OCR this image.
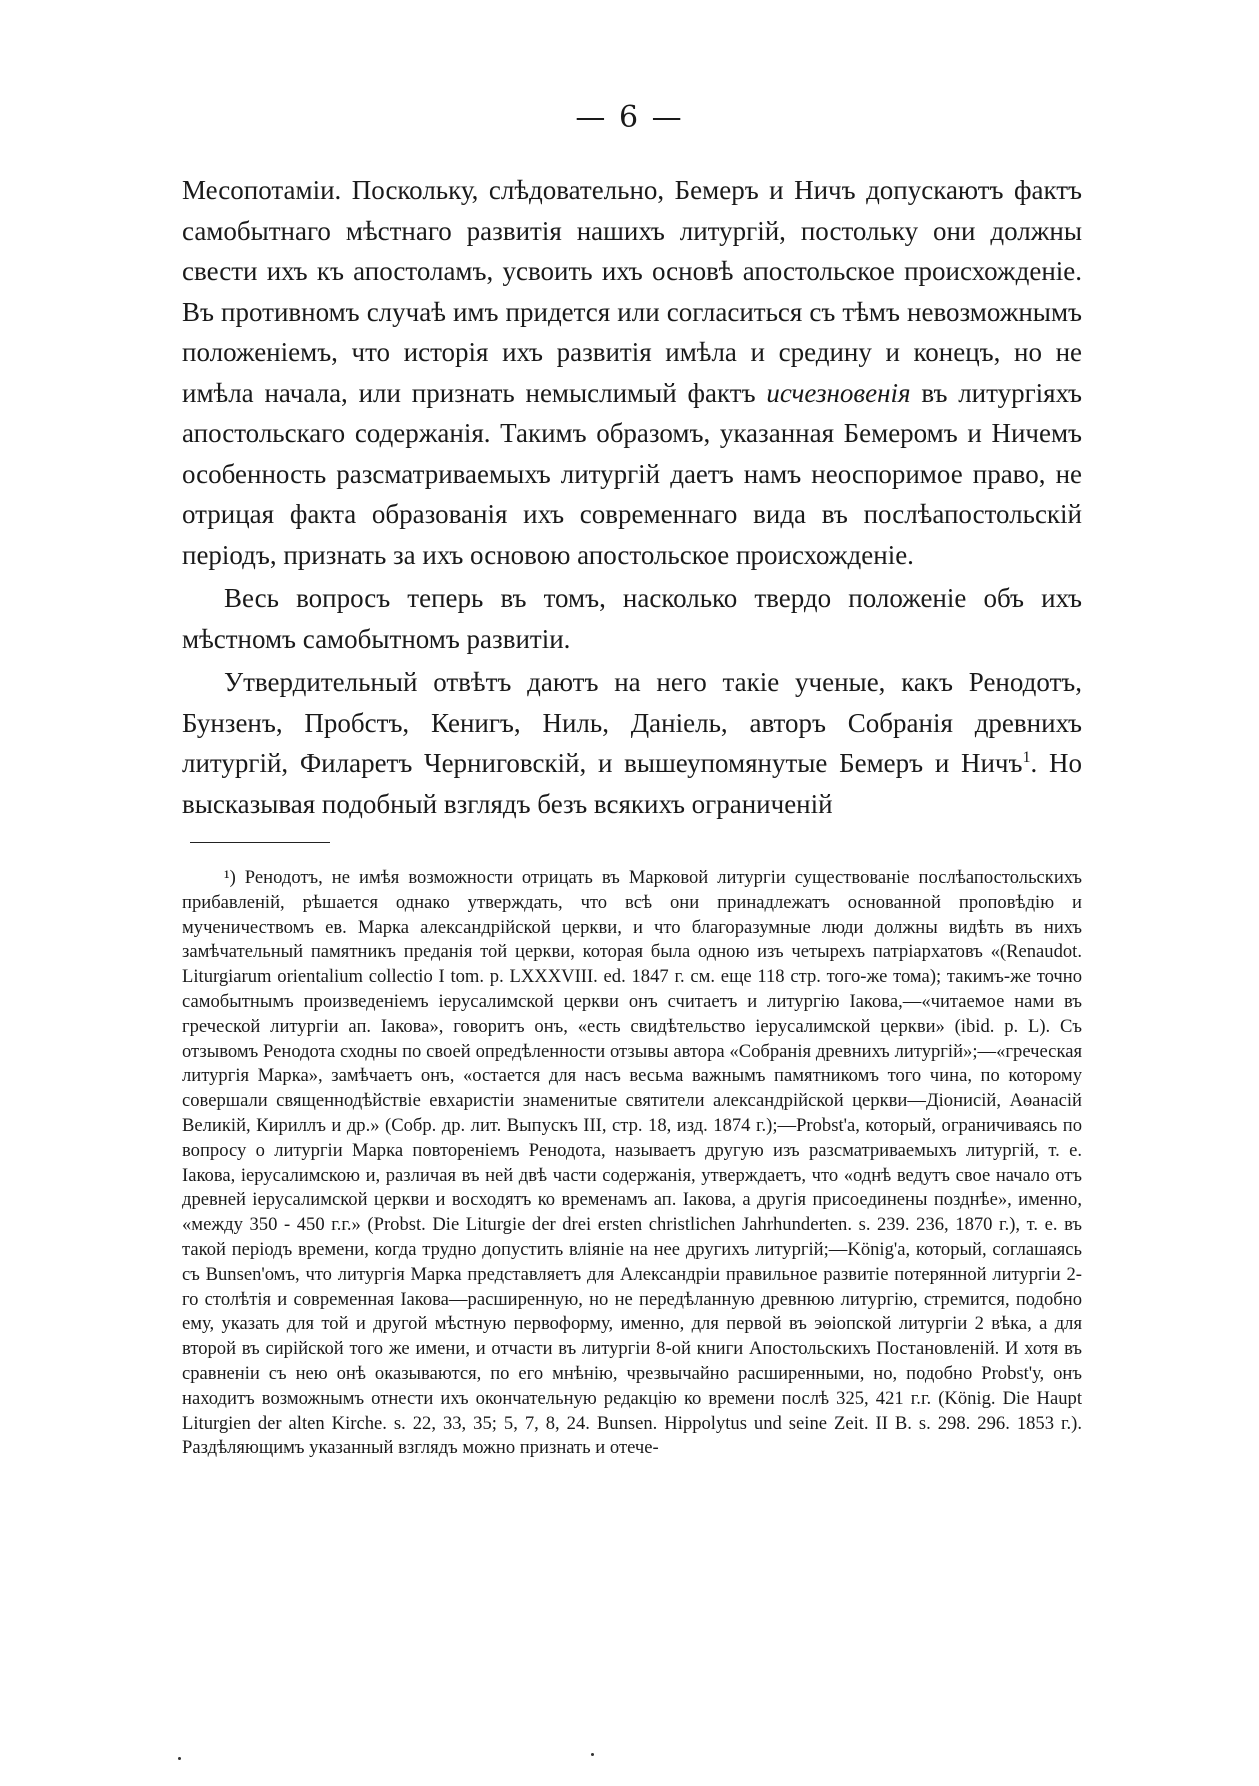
— 6 —

Месопотаміи. Поскольку, слѣдовательно, Бемеръ и Ничъ допускаютъ фактъ самобытнаго мѣстнаго развитія нашихъ литургій, постольку они должны свести ихъ къ апостоламъ, усвоить ихъ основѣ апостольское происхожденіе. Въ противномъ случаѣ имъ придется или согласиться съ тѣмъ невозможнымъ положеніемъ, что исторія ихъ развитія имѣла и средину и конецъ, но не имѣла начала, или признать немыслимый фактъ исчезновенія въ литургіяхъ апостольскаго содержанія. Такимъ образомъ, указанная Бемеромъ и Ничемъ особенность разсматриваемыхъ литургій даетъ намъ неоспоримое право, не отрицая факта образованія ихъ современнаго вида въ послѣапостольскій періодъ, признать за ихъ основою апостольское происхожденіе.

Весь вопросъ теперь въ томъ, насколько твердо положеніе объ ихъ мѣстномъ самобытномъ развитіи.

Утвердительный отвѣтъ даютъ на него такіе ученые, какъ Ренодотъ, Бунзенъ, Пробстъ, Кенигъ, Ниль, Даніель, авторъ Собранія древнихъ литургій, Филаретъ Черниговскій, и вышеупомянутые Бемеръ и Ничъ$^1$. Но высказывая подобный взглядъ безъ всякихъ ограниченій

¹) Ренодотъ, не имѣя возможности отрицать въ Марковой литургіи существованіе послѣапостольскихъ прибавленій, рѣшается однако утверждать, что всѣ они принадлежатъ основанной проповѣдію и мученичествомъ ев. Марка александрійской церкви, и что благоразумные люди должны видѣть въ нихъ замѣчательный памятникъ преданія той церкви, которая была одною изъ четырехъ патріархатовъ «(Renaudot. Liturgiarum orientalium collectio I tom. p. LXXXVIII. ed. 1847 г. см. еще 118 стр. того-же тома); такимъ-же точно самобытнымъ произведеніемъ іерусалимской церкви онъ считаетъ и литургію Іакова,—«читаемое нами въ греческой литургіи ап. Іакова», говоритъ онъ, «есть свидѣтельство іерусалимской церкви» (ibid. p. L). Съ отзывомъ Ренодота сходны по своей опредѣленности отзывы автора «Собранія древнихъ литургій»;—«греческая литургія Марка», замѣчаетъ онъ, «остается для насъ весьма важнымъ памятникомъ того чина, по которому совершали священнодѣйствіе евхаристіи знаменитые святители александрійской церкви—Діонисій, Аѳанасій Великій, Кириллъ и др.» (Собр. др. лит. Выпускъ III, стр. 18, изд. 1874 г.);—Probst'a, который, ограничиваясь по вопросу о литургіи Марка повтореніемъ Ренодота, называетъ другую изъ разсматриваемыхъ литургій, т. е. Іакова, іерусалимскою и, различая въ ней двѣ части содержанія, утверждаетъ, что «однѣ ведутъ свое начало отъ древней іерусалимской церкви и восходятъ ко временамъ ап. Іакова, а другія присоединены позднѣе», именно, «между 350 - 450 г.г.» (Probst. Die Liturgie der drei ersten christlichen Jahrhunderten. s. 239. 236, 1870 г.), т. е. въ такой періодъ времени, когда трудно допустить вліяніе на нее другихъ литургій;—König'a, который, соглашаясь съ Bunsen'омъ, что литургія Марка представляетъ для Александріи правильное развитіе потерянной литургіи 2-го столѣтія и современная Іакова—расширенную, но не передѣланную древнюю литургію, стремится, подобно ему, указать для той и другой мѣстную первоформу, именно, для первой въ эѳіопской литургіи 2 вѣка, а для второй въ сирійской того же имени, и отчасти въ литургіи 8-ой книги Апостольскихъ Постановленій. И хотя въ сравненіи съ нею онѣ оказываются, по его мнѣнію, чрезвычайно расширенными, но, подобно Probst'у, онъ находитъ возможнымъ отнести ихъ окончательную редакцію ко времени послѣ 325, 421 г.г. (König. Die Haupt Liturgien der alten Kirche. s. 22, 33, 35; 5, 7, 8, 24. Bunsen. Hippolytus und seine Zeit. II B. s. 298. 296. 1853 г.). Раздѣляющимъ указанный взглядъ можно признать и отече-
